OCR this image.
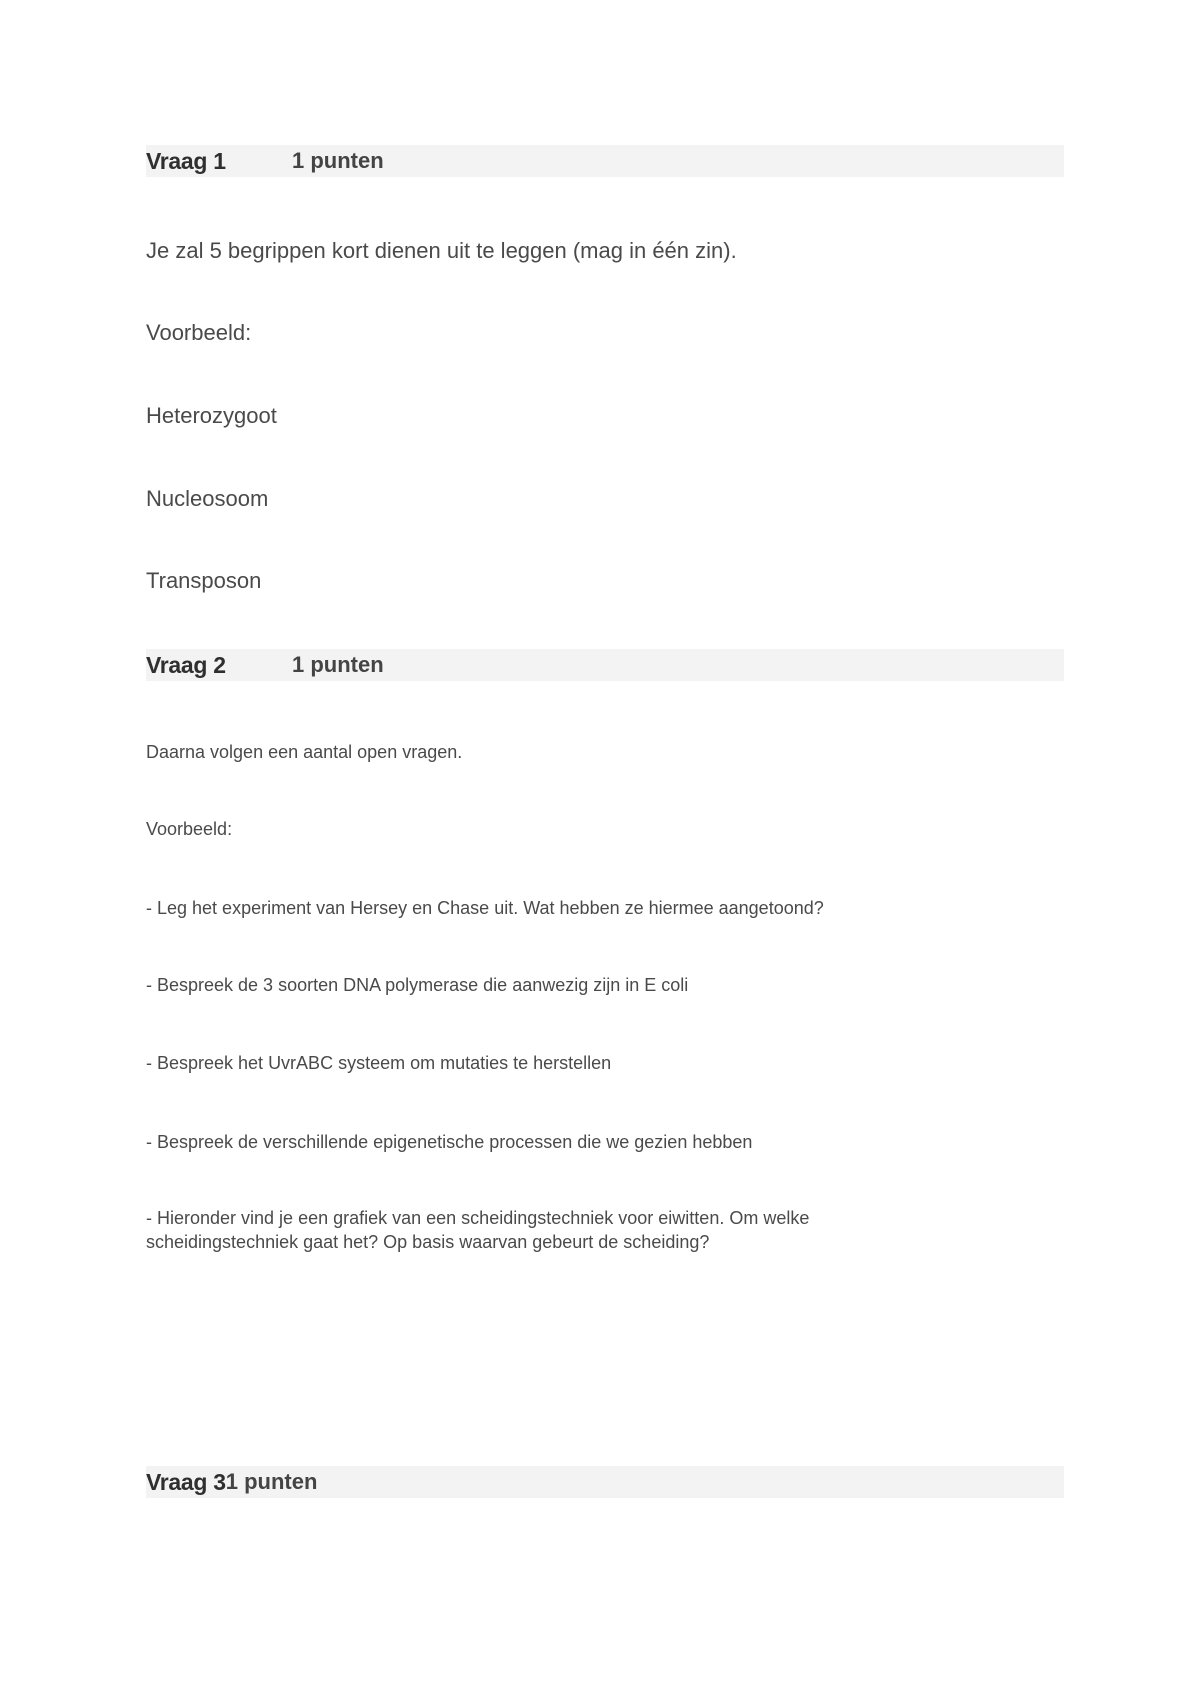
Vraag 1	1 punten
Je zal 5 begrippen kort dienen uit te leggen (mag in één zin).
Voorbeeld:
Heterozygoot
Nucleosoom
Transposon
Vraag 2	1 punten
Daarna volgen een aantal open vragen.
Voorbeeld:
- Leg het experiment van Hersey en Chase uit. Wat hebben ze hiermee aangetoond?
- Bespreek de 3 soorten DNA polymerase die aanwezig zijn in E coli
- Bespreek het UvrABC systeem om mutaties te herstellen
- Bespreek de verschillende epigenetische processen die we gezien hebben
- Hieronder vind je een grafiek van een scheidingstechniek voor eiwitten. Om welke scheidingstechniek gaat het? Op basis waarvan gebeurt de scheiding?
Vraag 3 1 punten
